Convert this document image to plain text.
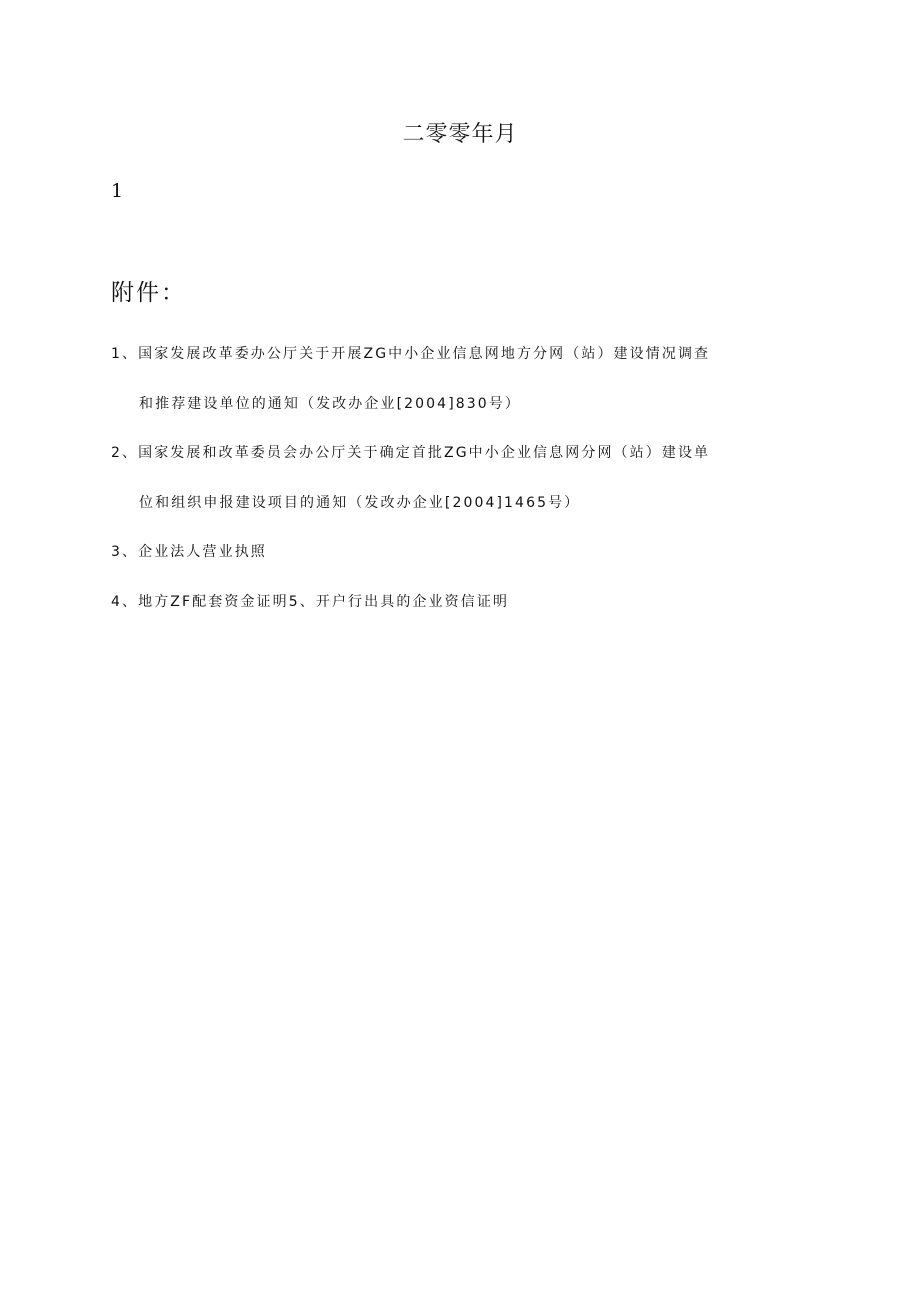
二零零年月
1
附件：
1、国家发展改革委办公厅关于开展ZG中小企业信息网地方分网（站）建设情况调查
和推荐建设单位的通知（发改办企业[2004]830号）
2、国家发展和改革委员会办公厅关于确定首批ZG中小企业信息网分网（站）建设单
位和组织申报建设项目的通知（发改办企业[2004]1465号）
3、企业法人营业执照
4、地方ZF配套资金证明5、开户行出具的企业资信证明
